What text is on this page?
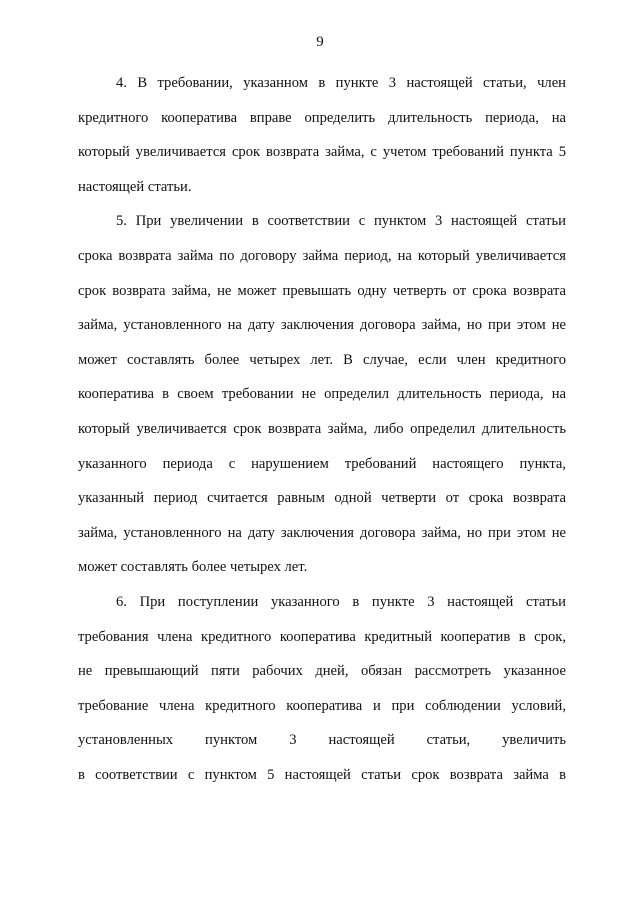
9
4. В требовании, указанном в пункте 3 настоящей статьи, член
кредитного кооператива вправе определить длительность периода, на
который увеличивается срок возврата займа, с учетом требований пункта 5
настоящей статьи.
5. При увеличении в соответствии с пунктом 3 настоящей статьи
срока возврата займа по договору займа период, на который увеличивается
срок возврата займа, не может превышать одну четверть от срока возврата
займа, установленного на дату заключения договора займа, но при этом не
может составлять более четырех лет. В случае, если член кредитного
кооператива в своем требовании не определил длительность периода, на
который увеличивается срок возврата займа, либо определил длительность
указанного периода с нарушением требований настоящего пункта,
указанный период считается равным одной четверти от срока возврата
займа, установленного на дату заключения договора займа, но при этом не
может составлять более четырех лет.
6. При поступлении указанного в пункте 3 настоящей статьи
требования члена кредитного кооператива кредитный кооператив в срок,
не превышающий пяти рабочих дней, обязан рассмотреть указанное
требование члена кредитного кооператива и при соблюдении условий,
установленных пунктом 3 настоящей статьи, увеличить
в соответствии с пунктом 5 настоящей статьи срок возврата займа в
